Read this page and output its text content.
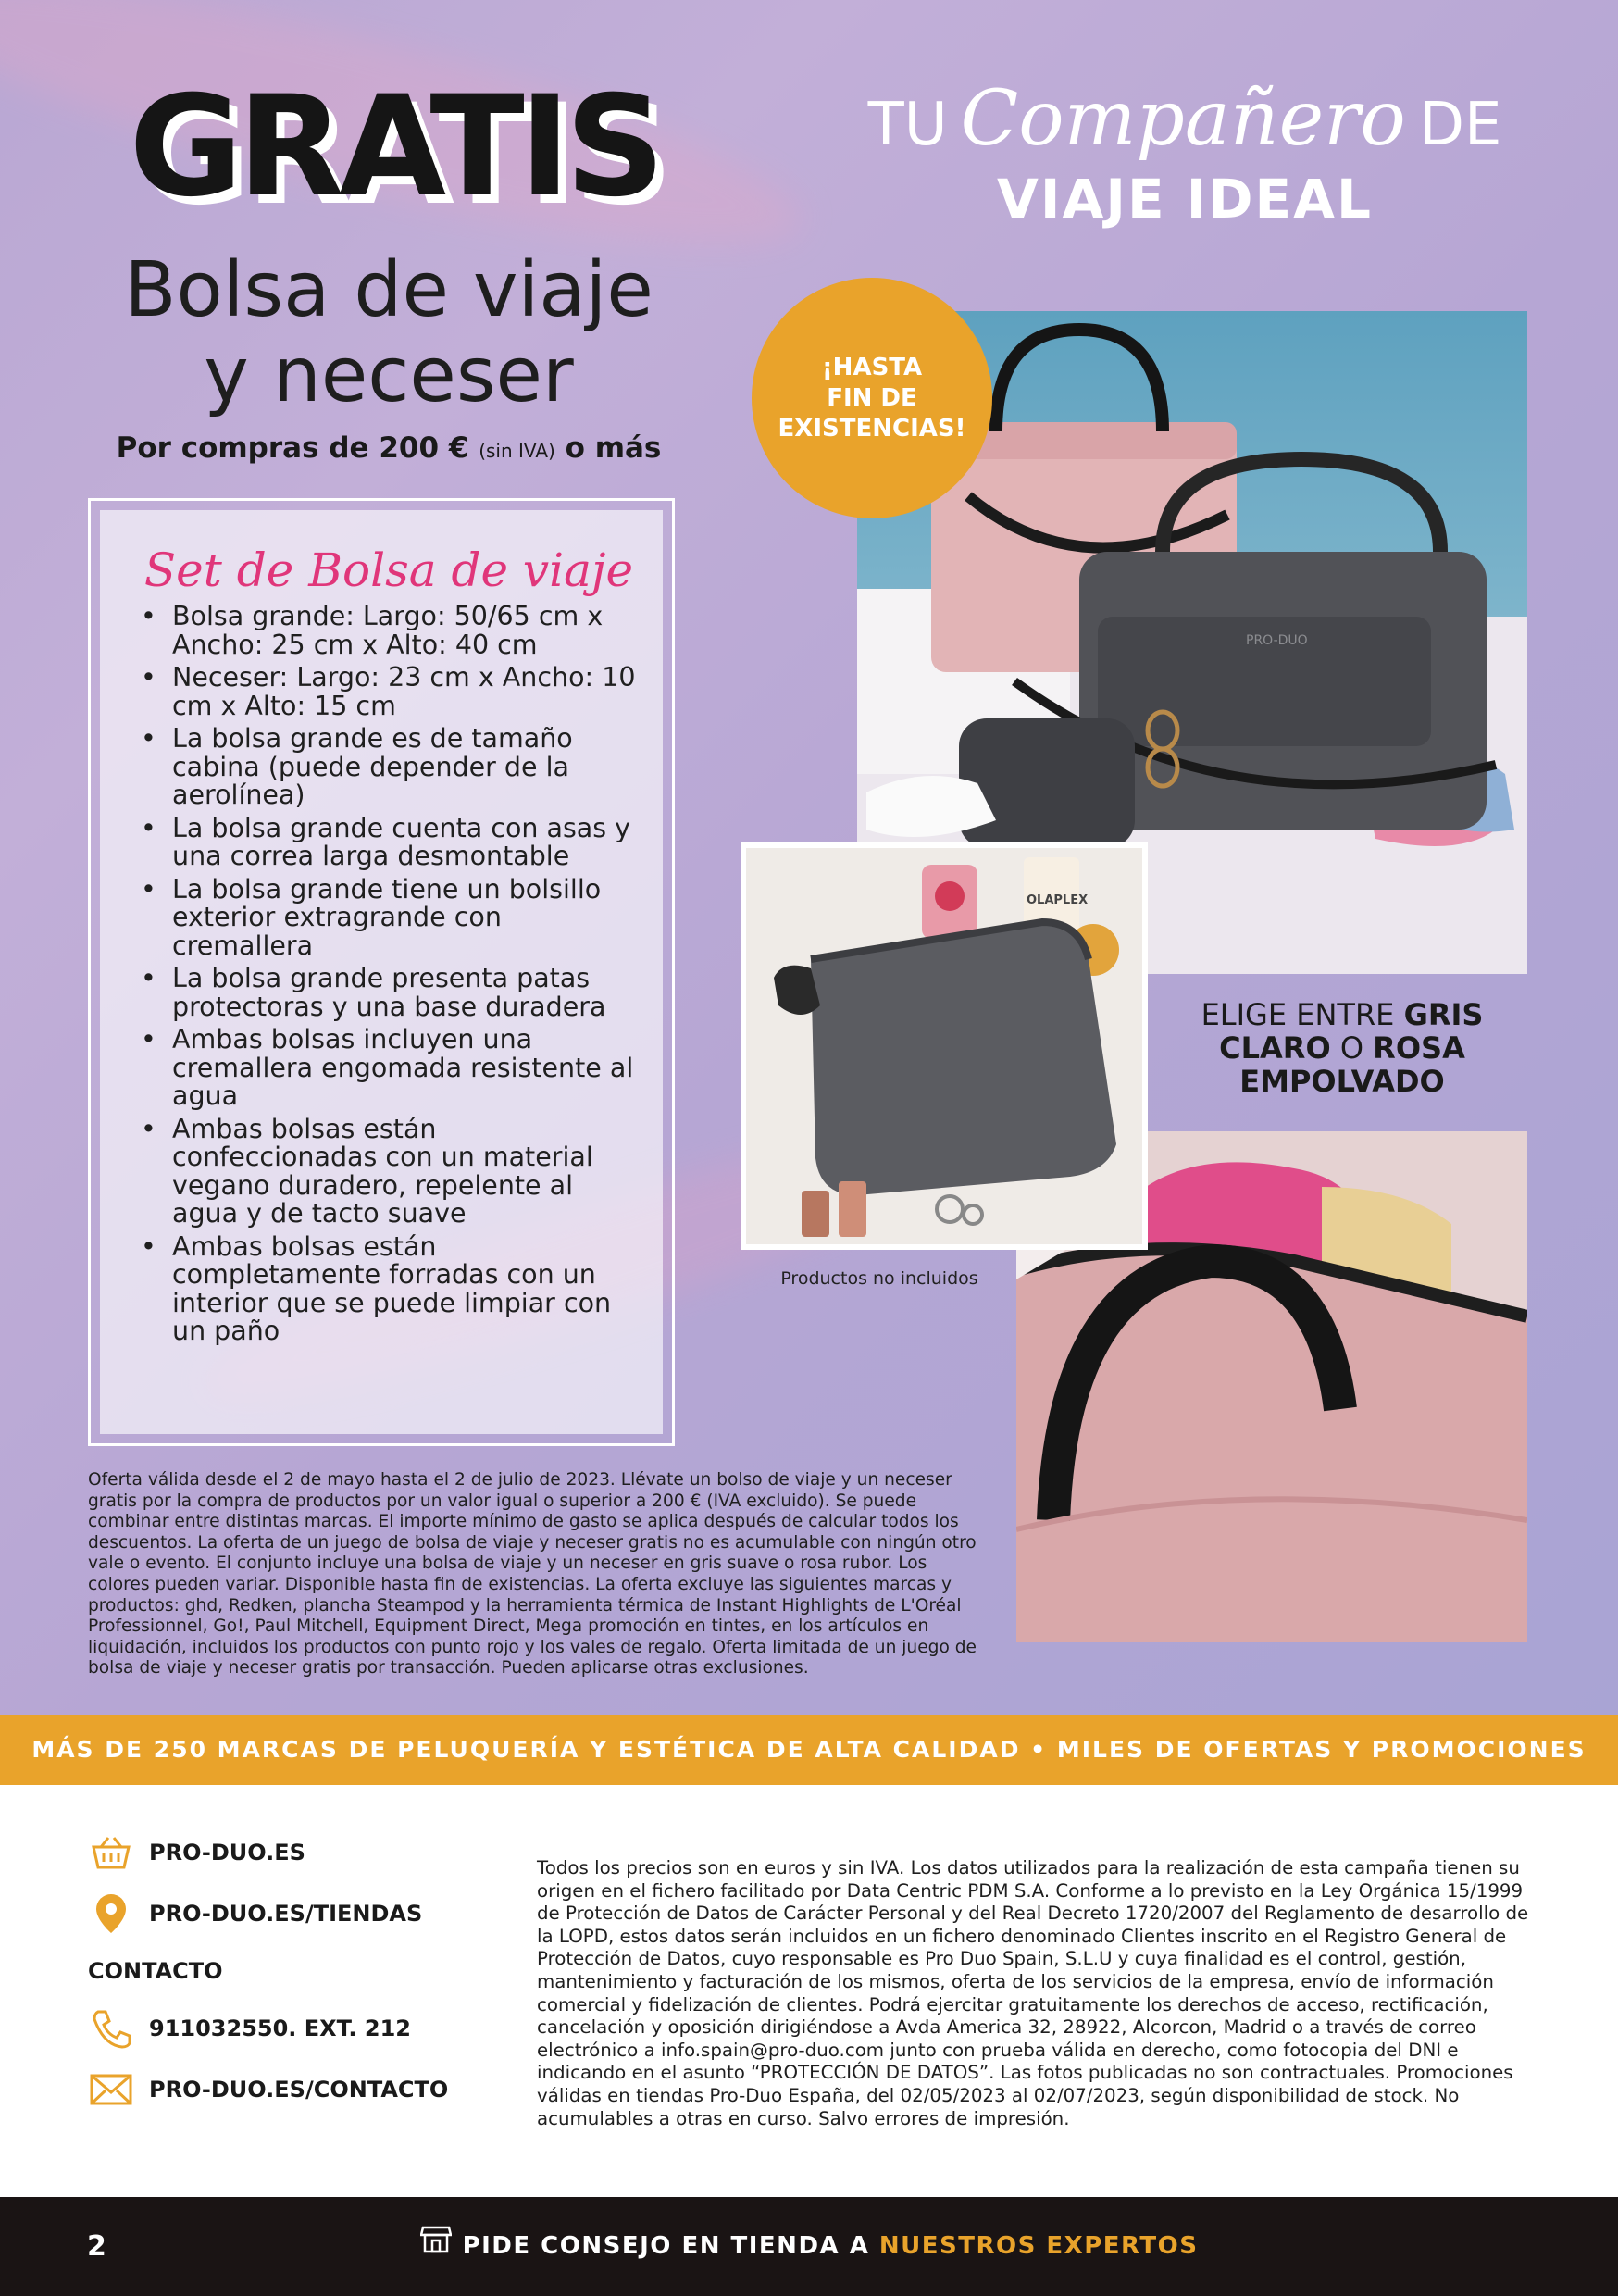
GRATIS
Bolsa de viaje
y neceser
Por compras de 200 € (sin IVA) o más
TU Compañero DE
VIAJE IDEAL
¡HASTA
FIN DE
EXISTENCIAS!
PRO-DUO
OLAPLEX
ELIGE ENTRE GRIS
CLARO O ROSA
EMPOLVADO
Productos no incluidos
Set de Bolsa de viaje
• Bolsa grande: Largo: 50/65 cm x Ancho: 25 cm x Alto: 40 cm
• Neceser: Largo: 23 cm x Ancho: 10 cm x Alto: 15 cm
• La bolsa grande es de tamaño cabina (puede depender de la aerolínea)
• La bolsa grande cuenta con asas y una correa larga desmontable
• La bolsa grande tiene un bolsillo exterior extragrande con cremallera
• La bolsa grande presenta patas protectoras y una base duradera
• Ambas bolsas incluyen una cremallera engomada resistente al agua
• Ambas bolsas están confeccionadas con un material vegano duradero, repelente al agua y de tacto suave
• Ambas bolsas están completamente forradas con un interior que se puede limpiar con un paño
Oferta válida desde el 2 de mayo hasta el 2 de julio de 2023. Llévate un bolso de viaje y un neceser gratis por la compra de productos por un valor igual o superior a 200 € (IVA excluido). Se puede combinar entre distintas marcas. El importe mínimo de gasto se aplica después de calcular todos los descuentos. La oferta de un juego de bolsa de viaje y neceser gratis no es acumulable con ningún otro vale o evento. El conjunto incluye una bolsa de viaje y un neceser en gris suave o rosa rubor. Los colores pueden variar. Disponible hasta fin de existencias. La oferta excluye las siguientes marcas y productos: ghd, Redken, plancha Steampod y la herramienta térmica de Instant Highlights de L'Oréal Professionnel, Go!, Paul Mitchell, Equipment Direct, Mega promoción en tintes, en los artículos en liquidación, incluidos los productos con punto rojo y los vales de regalo. Oferta limitada de un juego de bolsa de viaje y neceser gratis por transacción. Pueden aplicarse otras exclusiones.
MÁS DE 250 MARCAS DE PELUQUERÍA Y ESTÉTICA DE ALTA CALIDAD • MILES DE OFERTAS Y PROMOCIONES
PRO-DUO.ES
PRO-DUO.ES/TIENDAS
CONTACTO
911032550. EXT. 212
PRO-DUO.ES/CONTACTO
Todos los precios son en euros y sin IVA. Los datos utilizados para la realización de esta campaña tienen su origen en el fichero facilitado por Data Centric PDM S.A. Conforme a lo previsto en la Ley Orgánica 15/1999 de Protección de Datos de Carácter Personal y del Real Decreto 1720/2007 del Reglamento de desarrollo de la LOPD, estos datos serán incluidos en un fichero denominado Clientes inscrito en el Registro General de Protección de Datos, cuyo responsable es Pro Duo Spain, S.L.U y cuya finalidad es el control, gestión, mantenimiento y facturación de los mismos, oferta de los servicios de la empresa, envío de información comercial y fidelización de clientes. Podrá ejercitar gratuitamente los derechos de acceso, rectificación, cancelación y oposición dirigiéndose a Avda America 32, 28922, Alcorcon, Madrid o a través de correo electrónico a info.spain@pro-duo.com junto con prueba válida en derecho, como fotocopia del DNI e indicando en el asunto “PROTECCIÓN DE DATOS”. Las fotos publicadas no son contractuales. Promociones válidas en tiendas Pro-Duo España, del 02/05/2023 al 02/07/2023, según disponibilidad de stock. No acumulables a otras en curso. Salvo errores de impresión.
2	PIDE CONSEJO EN TIENDA A NUESTROS EXPERTOS
